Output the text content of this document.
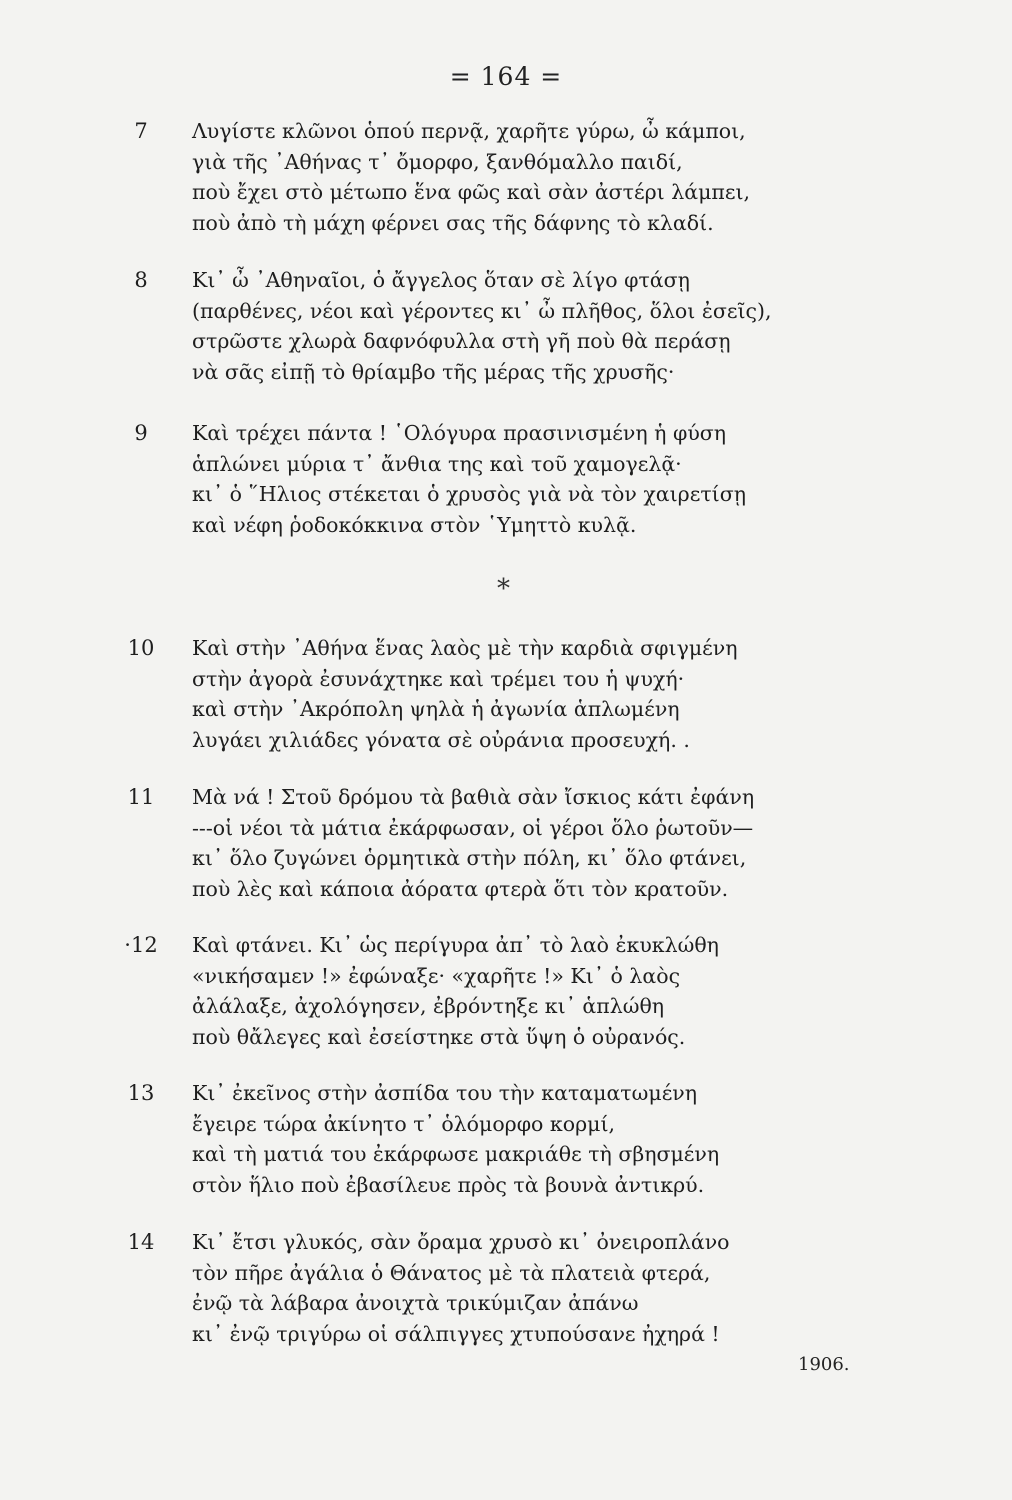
= 164 =
7	Λυγίστε κλῶνοι ὁπού περνᾷ, χαρῆτε γύρω, ὦ κάμποι,
γιὰ τῆς ᾿Αθήνας τ᾿ ὄμορφο, ξανθόμαλλο παιδί,
ποὺ ἔχει στὸ μέτωπο ἕνα φῶς καὶ σὰν ἀστέρι λάμπει,
ποὺ ἀπὸ τὴ μάχη φέρνει σας τῆς δάφνης τὸ κλαδί.
8	Κι᾿ ὦ ᾿Αθηναῖοι, ὁ ἄγγελος ὅταν σὲ λίγο φτάσῃ
(παρθένες, νέοι καὶ γέροντες κι᾿ ὦ πλῆθος, ὅλοι ἐσεῖς),
στρῶστε χλωρὰ δαφνόφυλλα στὴ γῆ ποὺ θὰ περάσῃ
νὰ σᾶς εἰπῇ τὸ θρίαμβο τῆς μέρας τῆς χρυσῆς·
9	Καὶ τρέχει πάντα ! ῾Ολόγυρα πρασινισμένη ἡ φύση
ἁπλώνει μύρια τ᾿ ἄνθια της καὶ τοῦ χαμογελᾷ·
κι᾿ ὁ ῞Ηλιος στέκεται ὁ χρυσὸς γιὰ νὰ τὸν χαιρετίσῃ
καὶ νέφη ῥοδοκόκκινα στὸν ῾Υμηττὸ κυλᾷ.
*
10	Καὶ στὴν ᾿Αθήνα ἕνας λαὸς μὲ τὴν καρδιὰ σφιγμένη
στὴν ἀγορὰ ἐσυνάχτηκε καὶ τρέμει του ἡ ψυχή·
καὶ στὴν ᾿Ακρόπολη ψηλὰ ἡ ἀγωνία ἁπλωμένη
λυγάει χιλιάδες γόνατα σὲ οὐράνια προσευχή. .
11	Μὰ νά ! Στοῦ δρόμου τὰ βαθιὰ σὰν ἴσκιος κάτι ἐφάνη
---οἱ νέοι τὰ μάτια ἐκάρφωσαν, οἱ γέροι ὅλο ῥωτοῦν—
κι᾿ ὅλο ζυγώνει ὁρμητικὰ στὴν πόλη, κι᾿ ὅλο φτάνει,
ποὺ λὲς καὶ κάποια ἀόρατα φτερὰ ὅτι τὸν κρατοῦν.
·12	Καὶ φτάνει. Κι᾿ ὡς περίγυρα ἀπ᾿ τὸ λαὸ ἐκυκλώθη
«νικήσαμεν !» ἐφώναξε· «χαρῆτε !» Κι᾿ ὁ λαὸς
ἀλάλαξε, ἀχολόγησεν, ἐβρόντηξε κι᾿ ἁπλώθη
ποὺ θἄλεγες καὶ ἐσείστηκε στὰ ὕψη ὁ οὐρανός.
13	Κι᾿ ἐκεῖνος στὴν ἀσπίδα του τὴν καταματωμένη
ἔγειρε τώρα ἀκίνητο τ᾿ ὁλόμορφο κορμί,
καὶ τὴ ματιά του ἐκάρφωσε μακριάθε τὴ σβησμένη
στὸν ἥλιο ποὺ ἐβασίλευε πρὸς τὰ βουνὰ ἀντικρύ.
14	Κι᾿ ἔτσι γλυκός, σὰν ὄραμα χρυσὸ κι᾿ ὀνειροπλάνο
τὸν πῆρε ἀγάλια ὁ Θάνατος μὲ τὰ πλατειὰ φτερά,
ἐνῷ τὰ λάβαρα ἀνοιχτὰ τρικύμιζαν ἀπάνω
κι᾿ ἐνῷ τριγύρω οἱ σάλπιγγες χτυπούσανε ἠχηρά !
1906.
